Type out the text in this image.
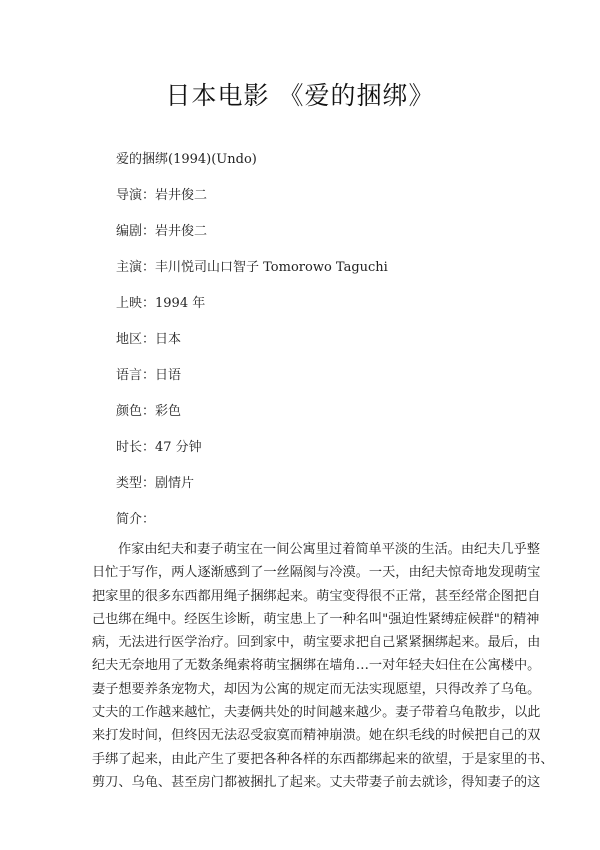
日本电影 《爱的捆绑》
爱的捆绑(1994)(Undo)
导演：岩井俊二
编剧：岩井俊二
主演：丰川悦司山口智子 Tomorowo Taguchi
上映：1994 年
地区：日本
语言：日语
颜色：彩色
时长：47 分钟
类型：剧情片
简介：
作家由纪夫和妻子萌宝在一间公寓里过着简单平淡的生活。由纪夫几乎整
日忙于写作，两人逐渐感到了一丝隔阂与冷漠。一天，由纪夫惊奇地发现萌宝
把家里的很多东西都用绳子捆绑起来。萌宝变得很不正常，甚至经常企图把自
己也绑在绳中。经医生诊断，萌宝患上了一种名叫"强迫性紧缚症候群"的精神
病，无法进行医学治疗。回到家中，萌宝要求把自己紧紧捆绑起来。最后，由
纪夫无奈地用了无数条绳索将萌宝捆绑在墙角…一对年轻夫妇住在公寓楼中。
妻子想要养条宠物犬，却因为公寓的规定而无法实现愿望，只得改养了乌龟。
丈夫的工作越来越忙，夫妻俩共处的时间越来越少。妻子带着乌龟散步，以此
来打发时间，但终因无法忍受寂寞而精神崩溃。她在织毛线的时候把自己的双
手绑了起来，由此产生了要把各种各样的东西都绑起来的欲望，于是家里的书、
剪刀、乌龟、甚至房门都被捆扎了起来。丈夫带妻子前去就诊，得知妻子的这
